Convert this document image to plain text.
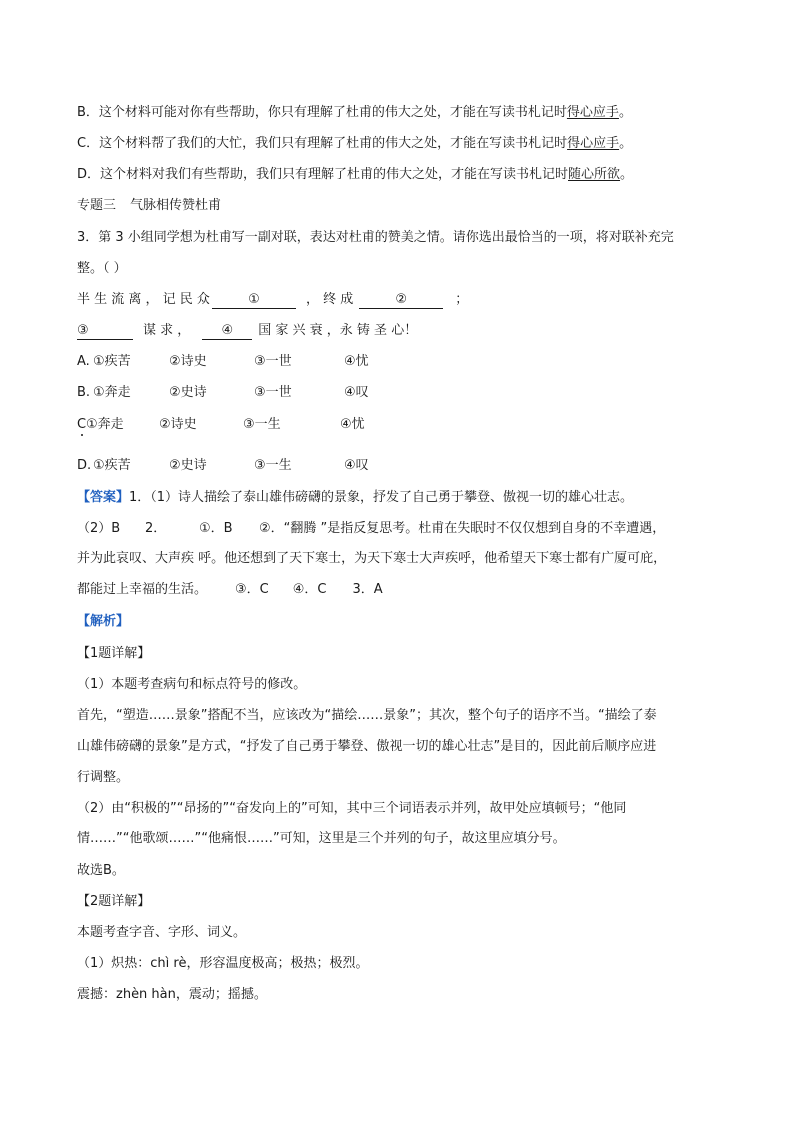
B．这个材料可能对你有些帮助，你只有理解了杜甫的伟大之处，才能在写读书札记时得心应手。
C．这个材料帮了我们的大忙，我们只有理解了杜甫的伟大之处，才能在写读书札记时得心应手。
D．这个材料对我们有些帮助，我们只有理解了杜甫的伟大之处，才能在写读书札记时随心所欲。
专题三 气脉相传赞杜甫
3．第 3 小组同学想为杜甫写一副对联，表达对杜甫的赞美之情。请你选出最恰当的一项，将对联补充完
整。（ ）
半 生 流 离 ， 记 民 众	①	， 终 成	②	；
③	谋 求 ， ④ 国 家 兴 衰 ，永 铸 圣 心！
A. ①疾苦	②诗史	③一世	④忧
B. ①奔走	②史诗	③一世	④叹
C①奔走	②诗史	③一生	④忧
D. ①疾苦	②史诗	③一生	④叹
【答案】1．（1）诗人描绘了泰山雄伟磅礴的景象，抒发了自己勇于攀登、傲视一切的雄心壮志。
（2）B 2．	①．B ②．“翻腾 ”是指反复思考。杜甫在失眠时不仅仅想到自身的不幸遭遇，
并为此哀叹、大声疾 呼。他还想到了天下寒士，为天下寒士大声疾呼，他希望天下寒士都有广厦可庇，
都能过上幸福的生活。 ③．C ④．C 3．A
【解析】
【1题详解】
（1）本题考查病句和标点符号的修改。
首先，“塑造……景象”搭配不当，应该改为“描绘……景象”；其次，整个句子的语序不当。“描绘了泰
山雄伟磅礴的景象”是方式，“抒发了自己勇于攀登、傲视一切的雄心壮志”是目的，因此前后顺序应进
行调整。
（2）由“积极的”“昂扬的”“奋发向上的”可知，其中三个词语表示并列，故甲处应填顿号；“他同
情……”“他歌颂……”“他痛恨……”可知，这里是三个并列的句子，故这里应填分号。
故选B。
【2题详解】
本题考查字音、字形、词义。
（1）炽热：chì rè，形容温度极高；极热；极烈。
震撼：zhèn hàn，震动；摇撼。
